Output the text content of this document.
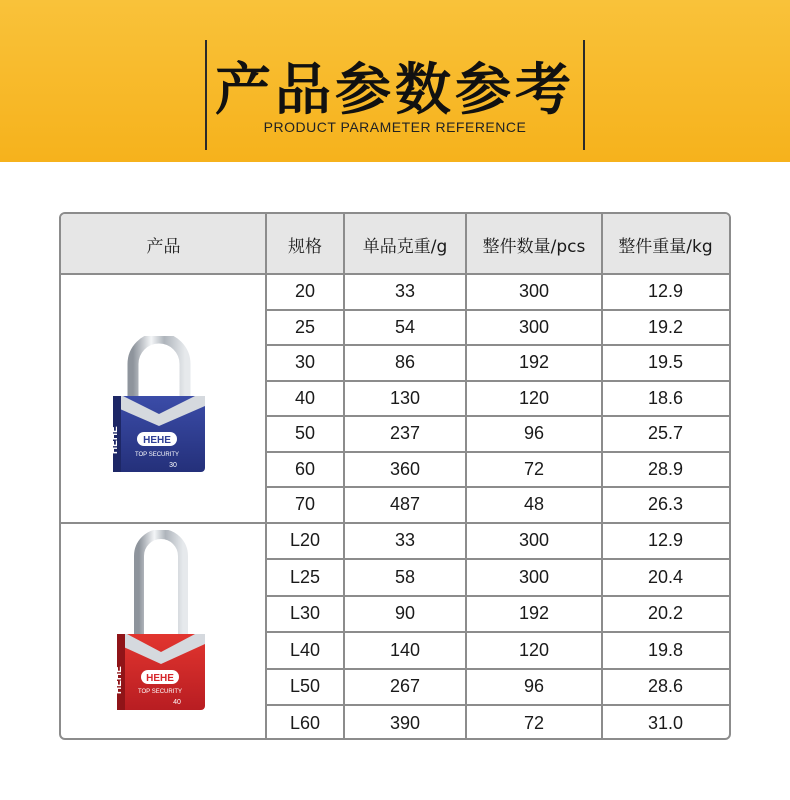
产品参数参考
PRODUCT PARAMETER REFERENCE
产品	规格	单品克重/g	整件数量/pcs	整件重量/kg
HEHE HEHE
TOP SECURITY
30
HEHE HEHE
TOP SECURITY
40
20	33	300	12.9
25	54	300	19.2
30	86	192	19.5
40	130	120	18.6
50	237	96	25.7
60	360	72	28.9
70	487	48	26.3
L20	33	300	12.9
L25	58	300	20.4
L30	90	192	20.2
L40	140	120	19.8
L50	267	96	28.6
L60	390	72	31.0
